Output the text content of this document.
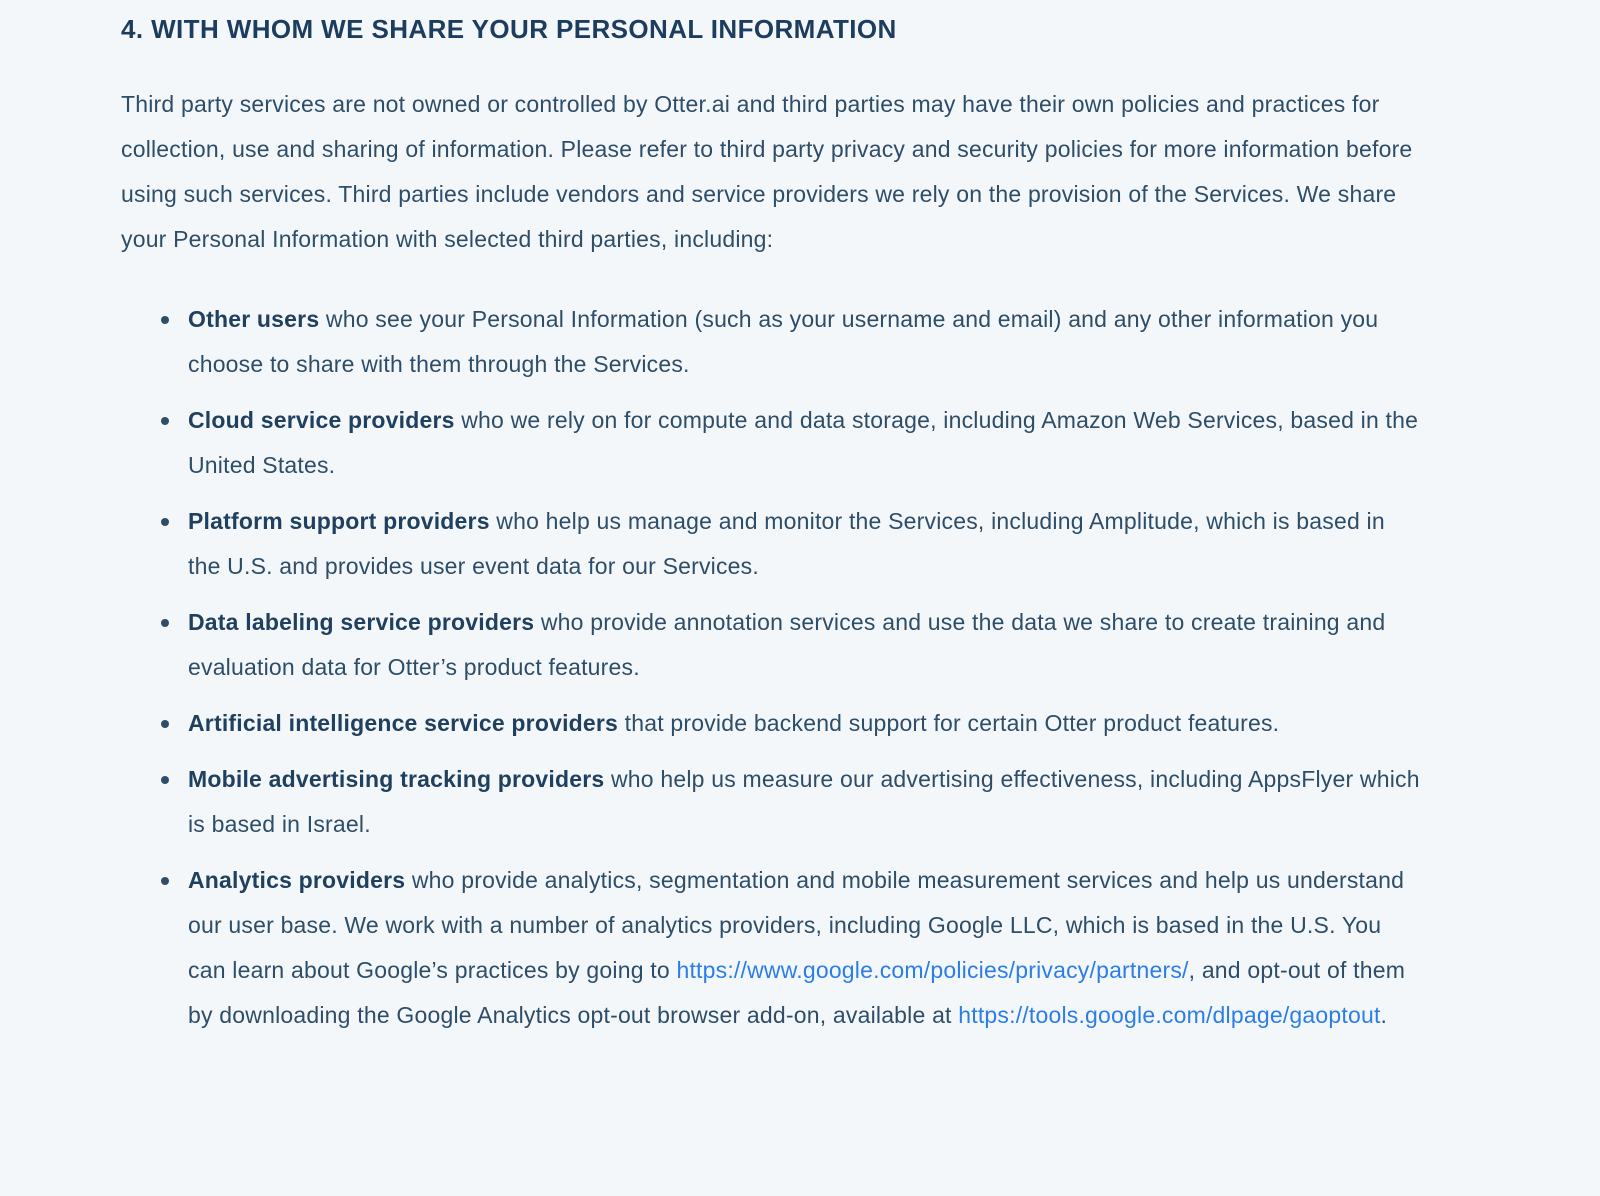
4. WITH WHOM WE SHARE YOUR PERSONAL INFORMATION

Third party services are not owned or controlled by Otter.ai and third parties may have their own policies and practices for collection, use and sharing of information. Please refer to third party privacy and security policies for more information before using such services. Third parties include vendors and service providers we rely on the provision of the Services. We share your Personal Information with selected third parties, including:

Other users who see your Personal Information (such as your username and email) and any other information you choose to share with them through the Services.
Cloud service providers who we rely on for compute and data storage, including Amazon Web Services, based in the United States.
Platform support providers who help us manage and monitor the Services, including Amplitude, which is based in the U.S. and provides user event data for our Services.
Data labeling service providers who provide annotation services and use the data we share to create training and evaluation data for Otter’s product features.
Artificial intelligence service providers that provide backend support for certain Otter product features.
Mobile advertising tracking providers who help us measure our advertising effectiveness, including AppsFlyer which is based in Israel.
Analytics providers who provide analytics, segmentation and mobile measurement services and help us understand our user base. We work with a number of analytics providers, including Google LLC, which is based in the U.S. You can learn about Google’s practices by going to https://www.google.com/policies/privacy/partners/, and opt-out of them by downloading the Google Analytics opt-out browser add-on, available at https://tools.google.com/dlpage/gaoptout.
